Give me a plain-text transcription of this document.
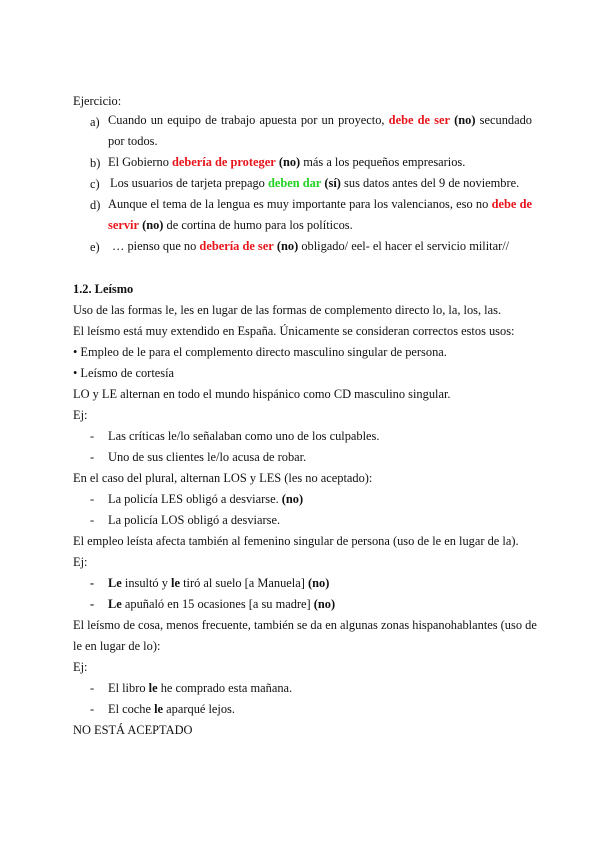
Ejercicio:
a) Cuando un equipo de trabajo apuesta por un proyecto, debe de ser (no) secundado por todos.
b) El Gobierno debería de proteger (no) más a los pequeños empresarios.
c) Los usuarios de tarjeta prepago deben dar (sí) sus datos antes del 9 de noviembre.
d) Aunque el tema de la lengua es muy importante para los valencianos, eso no debe de servir (no) de cortina de humo para los políticos.
e) … pienso que no debería de ser (no) obligado/ eel- el hacer el servicio militar//
1.2. Leísmo
Uso de las formas le, les en lugar de las formas de complemento directo lo, la, los, las.
El leísmo está muy extendido en España. Únicamente se consideran correctos estos usos:
• Empleo de le para el complemento directo masculino singular de persona.
• Leísmo de cortesía
LO y LE alternan en todo el mundo hispánico como CD masculino singular.
Ej:
- Las críticas le/lo señalaban como uno de los culpables.
- Uno de sus clientes le/lo acusa de robar.
En el caso del plural, alternan LOS y LES (les no aceptado):
- La policía LES obligó a desviarse. (no)
- La policía LOS obligó a desviarse.
El empleo leísta afecta también al femenino singular de persona (uso de le en lugar de la).
Ej:
- Le insultó y le tiró al suelo [a Manuela] (no)
- Le apuñaló en 15 ocasiones [a su madre] (no)
El leísmo de cosa, menos frecuente, también se da en algunas zonas hispanohablantes (uso de
le en lugar de lo):
Ej:
- El libro le he comprado esta mañana.
- El coche le aparqué lejos.
NO ESTÁ ACEPTADO
